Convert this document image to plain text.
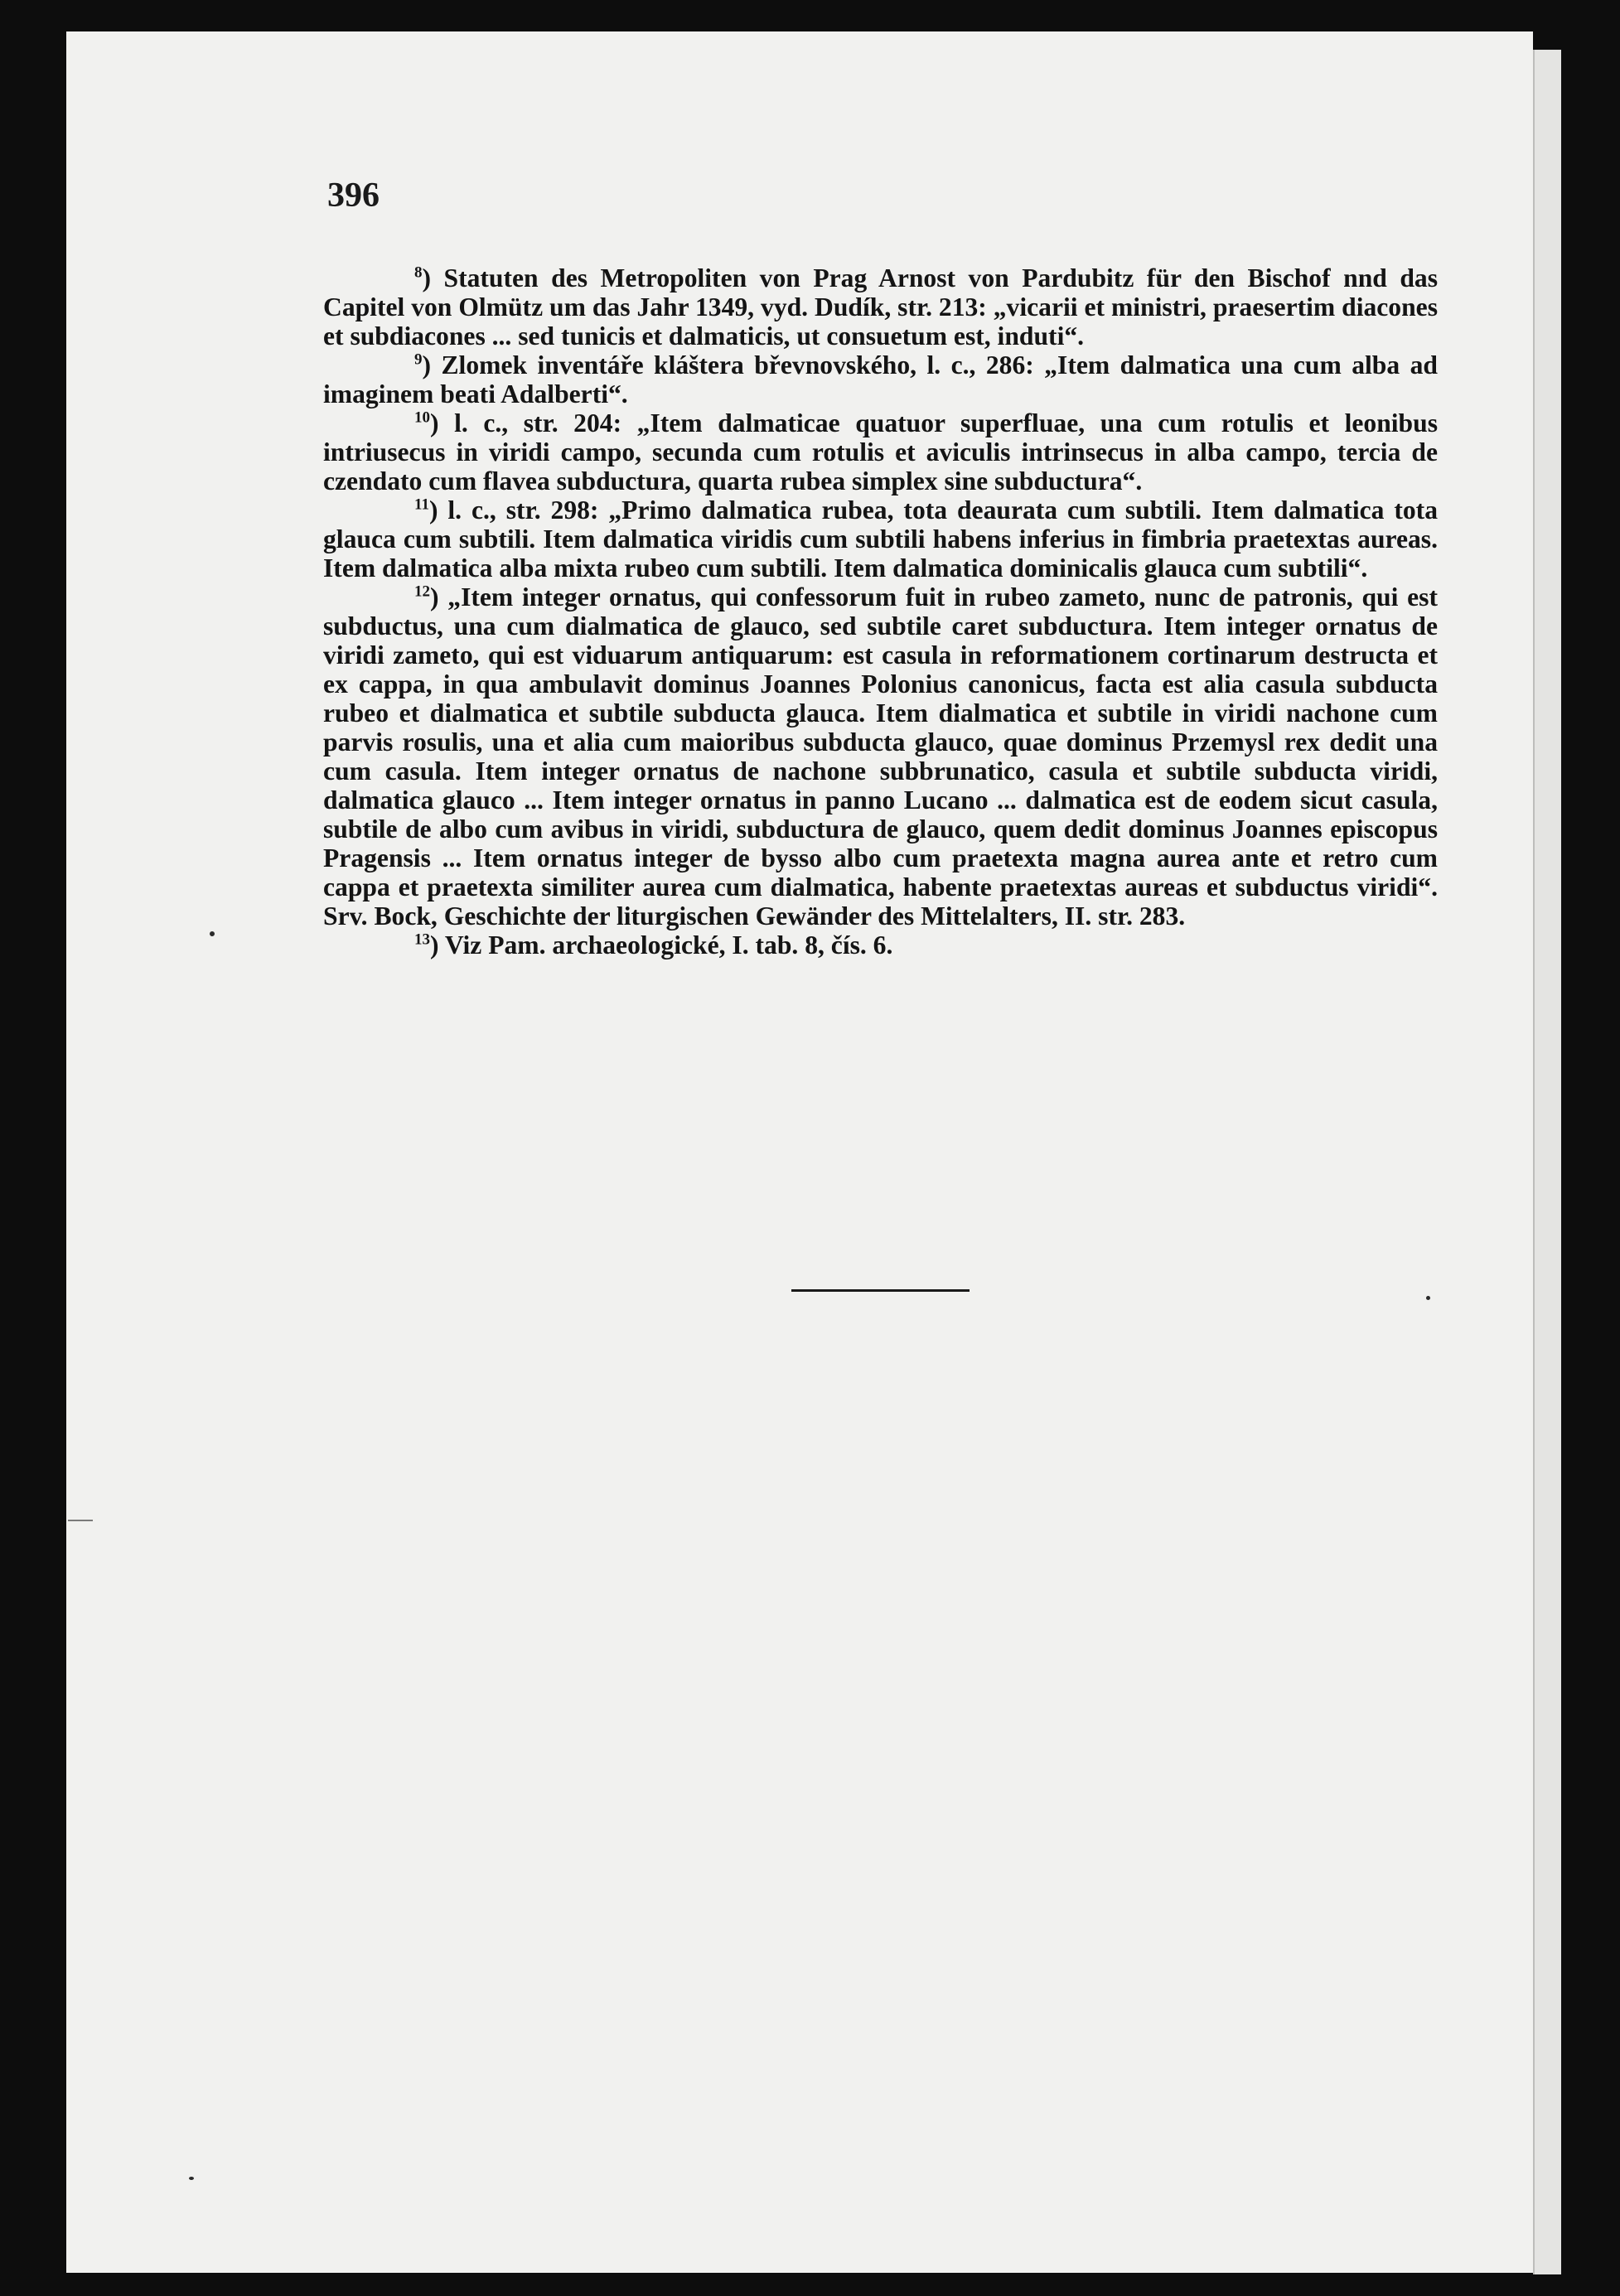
396

$^8$) Statuten des Metropoliten von Prag Arnost von Pardubitz für den Bischof nnd das Capitel von Olmütz um das Jahr 1349, vyd. Dudík, str. 213: „vicarii et ministri, praesertim diacones et subdiacones ... sed tunicis et dalmaticis, ut consuetum est, induti“.

$^9$) Zlomek inventáře kláštera břevnovského, l. c., 286: „Item dalmatica una cum alba ad imaginem beati Adalberti“.

$^{10}$) l. c., str. 204: „Item dalmaticae quatuor superfluae, una cum rotulis et leonibus intriusecus in viridi campo, secunda cum rotulis et aviculis intrinsecus in alba campo, tercia de czendato cum flavea subductura, quarta rubea simplex sine subductura“.

$^{11}$) l. c., str. 298: „Primo dalmatica rubea, tota deaurata cum subtili. Item dalmatica tota glauca cum subtili. Item dalmatica viridis cum subtili habens inferius in fimbria praetextas aureas. Item dalmatica alba mixta rubeo cum subtili. Item dalmatica dominicalis glauca cum subtili“.

$^{12}$) „Item integer ornatus, qui confessorum fuit in rubeo zameto, nunc de patronis, qui est subductus, una cum dialmatica de glauco, sed subtile caret subductura. Item integer ornatus de viridi zameto, qui est viduarum antiquarum: est casula in reformationem cortinarum destructa et ex cappa, in qua ambulavit dominus Joannes Polonius canonicus, facta est alia casula subducta rubeo et dialmatica et subtile subducta glauca. Item dialmatica et subtile in viridi nachone cum parvis rosulis, una et alia cum maioribus subducta glauco, quae dominus Przemysl rex dedit una cum casula. Item integer ornatus de nachone subbrunatico, casula et subtile subducta viridi, dalmatica glauco ... Item integer ornatus in panno Lucano ... dalmatica est de eodem sicut casula, subtile de albo cum avibus in viridi, subductura de glauco, quem dedit dominus Joannes episcopus Pragensis ... Item ornatus integer de bysso albo cum praetexta magna aurea ante et retro cum cappa et praetexta similiter aurea cum dialmatica, habente praetextas aureas et subductus viridi“. Srv. Bock, Geschichte der liturgischen Gewänder des Mittelalters, II. str. 283.

$^{13}$) Viz Pam. archaeologické, I. tab. 8, čís. 6.
